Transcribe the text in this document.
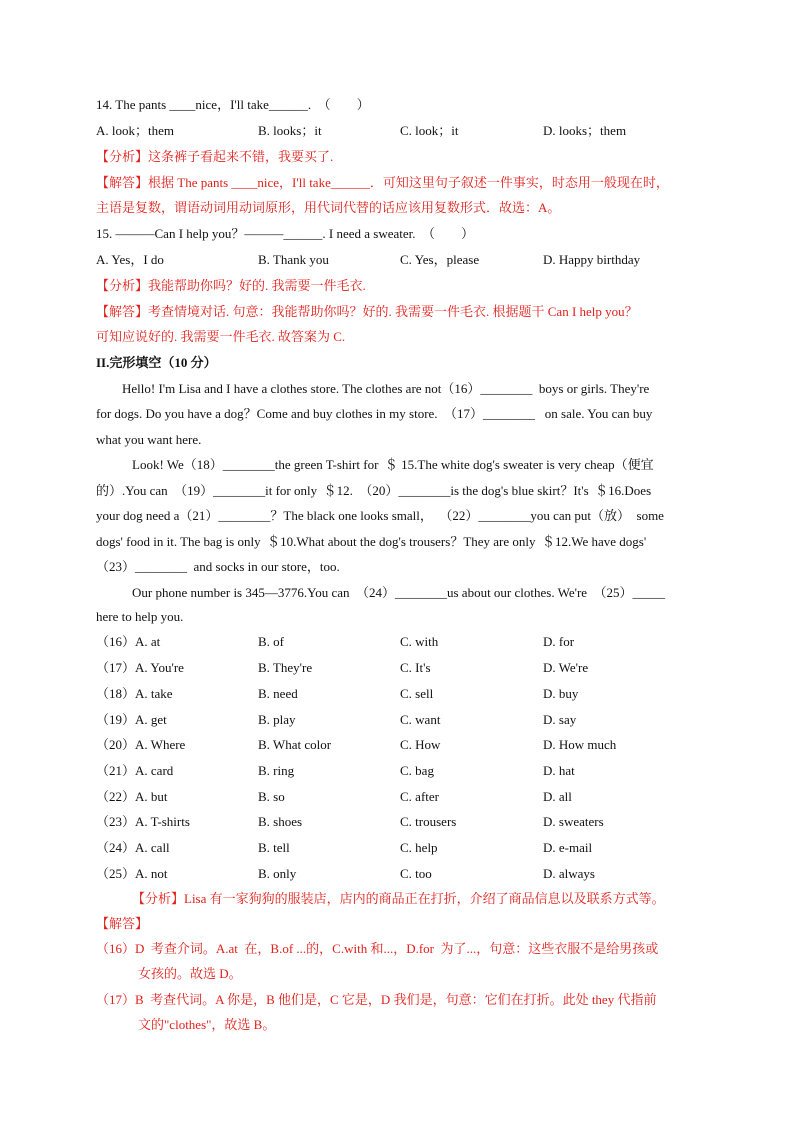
14. The pants ____nice，I'll take______.  （        ）
A. look；them	B. looks；it	C. look；it	D. looks；them
【分析】这条裤子看起来不错，我要买了.
【解答】根据 The pants ____nice，I'll take______．可知这里句子叙述一件事实，时态用一般现在时，
主语是复数，谓语动词用动词原形，用代词代替的话应该用复数形式．故选：A。
15. ———Can I help you？———______. I need a sweater.  （        ）
A. Yes，I do	B. Thank you	C. Yes，please	D. Happy birthday
【分析】我能帮助你吗？好的. 我需要一件毛衣.
【解答】考查情境对话. 句意：我能帮助你吗？好的. 我需要一件毛衣. 根据题干 Can I help you？
可知应说好的. 我需要一件毛衣. 故答案为 C.
II.完形填空（10 分）
Hello! I'm Lisa and I have a clothes store. The clothes are not（16）________  boys or girls. They're
for dogs. Do you have a dog？Come and buy clothes in my store.  （17）________   on sale. You can buy
what you want here.
Look! We（18）________the green T-shirt for  ＄ 15.The white dog's sweater is very cheap（便宜
的）.You can  （19）________it for only  ＄12.  （20）________is the dog's blue skirt？It's  ＄16.Does
your dog need a（21）________？The black one looks small，  （22）________you can put（放）  some
dogs' food in it. The bag is only  ＄10.What about the dog's trousers？They are only  ＄12.We have dogs'
（23）________  and socks in our store，too.
Our phone number is 345—3776.You can  （24）________us about our clothes. We're  （25）_____
here to help you.
（16）A. at	B. of	C. with	D. for
（17）A. You're	B. They're	C. It's	D. We're
（18）A. take	B. need	C. sell	D. buy
（19）A. get	B. play	C. want	D. say
（20）A. Where	B. What color	C. How	D. How much
（21）A. card	B. ring	C. bag	D. hat
（22）A. but	B. so	C. after	D. all
（23）A. T-shirts	B. shoes	C. trousers	D. sweaters
（24）A. call	B. tell	C. help	D. e-mail
（25）A. not	B. only	C. too	D. always
【分析】Lisa 有一家狗狗的服装店，店内的商品正在打折，介绍了商品信息以及联系方式等。
【解答】
（16）D  考查介词。A.at  在，B.of ...的，C.with 和...，D.for  为了...，句意：这些衣服不是给男孩或
女孩的。故选 D。
（17）B  考查代词。A 你是，B 他们是，C 它是，D 我们是，句意：它们在打折。此处 they 代指前
文的"clothes"，故选 B。
